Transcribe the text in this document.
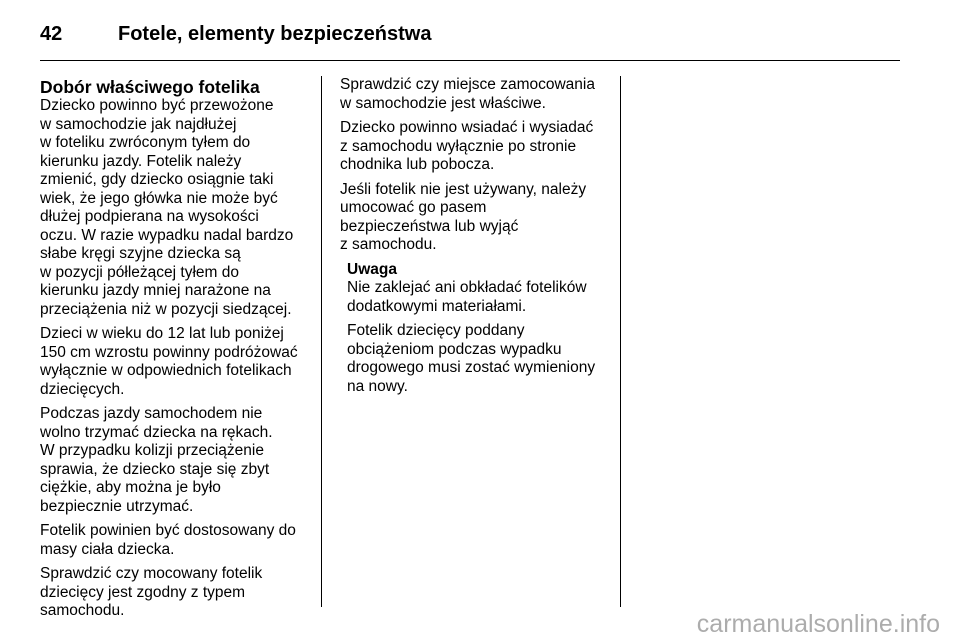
42	Fotele, elementy bezpieczeństwa
Dobór właściwego fotelika

Dziecko powinno być przewożone
w samochodzie jak najdłużej
w foteliku zwróconym tyłem do
kierunku jazdy. Fotelik należy
zmienić, gdy dziecko osiągnie taki
wiek, że jego główka nie może być
dłużej podpierana na wysokości
oczu. W razie wypadku nadal bardzo
słabe kręgi szyjne dziecka są
w pozycji półleżącej tyłem do
kierunku jazdy mniej narażone na
przeciążenia niż w pozycji siedzącej.

Dzieci w wieku do 12 lat lub poniżej
150 cm wzrostu powinny podróżować
wyłącznie w odpowiednich fotelikach
dziecięcych.

Podczas jazdy samochodem nie
wolno trzymać dziecka na rękach.
W przypadku kolizji przeciążenie
sprawia, że dziecko staje się zbyt
ciężkie, aby można je było
bezpiecznie utrzymać.

Fotelik powinien być dostosowany do
masy ciała dziecka.

Sprawdzić czy mocowany fotelik
dziecięcy jest zgodny z typem
samochodu.

Sprawdzić czy miejsce zamocowania
w samochodzie jest właściwe.

Dziecko powinno wsiadać i wysiadać
z samochodu wyłącznie po stronie
chodnika lub pobocza.

Jeśli fotelik nie jest używany, należy
umocować go pasem
bezpieczeństwa lub wyjąć
z samochodu.

Uwaga

Nie zaklejać ani obkładać fotelików
dodatkowymi materiałami.

Fotelik dziecięcy poddany
obciążeniom podczas wypadku
drogowego musi zostać wymieniony
na nowy.

carmanualsonline.info
